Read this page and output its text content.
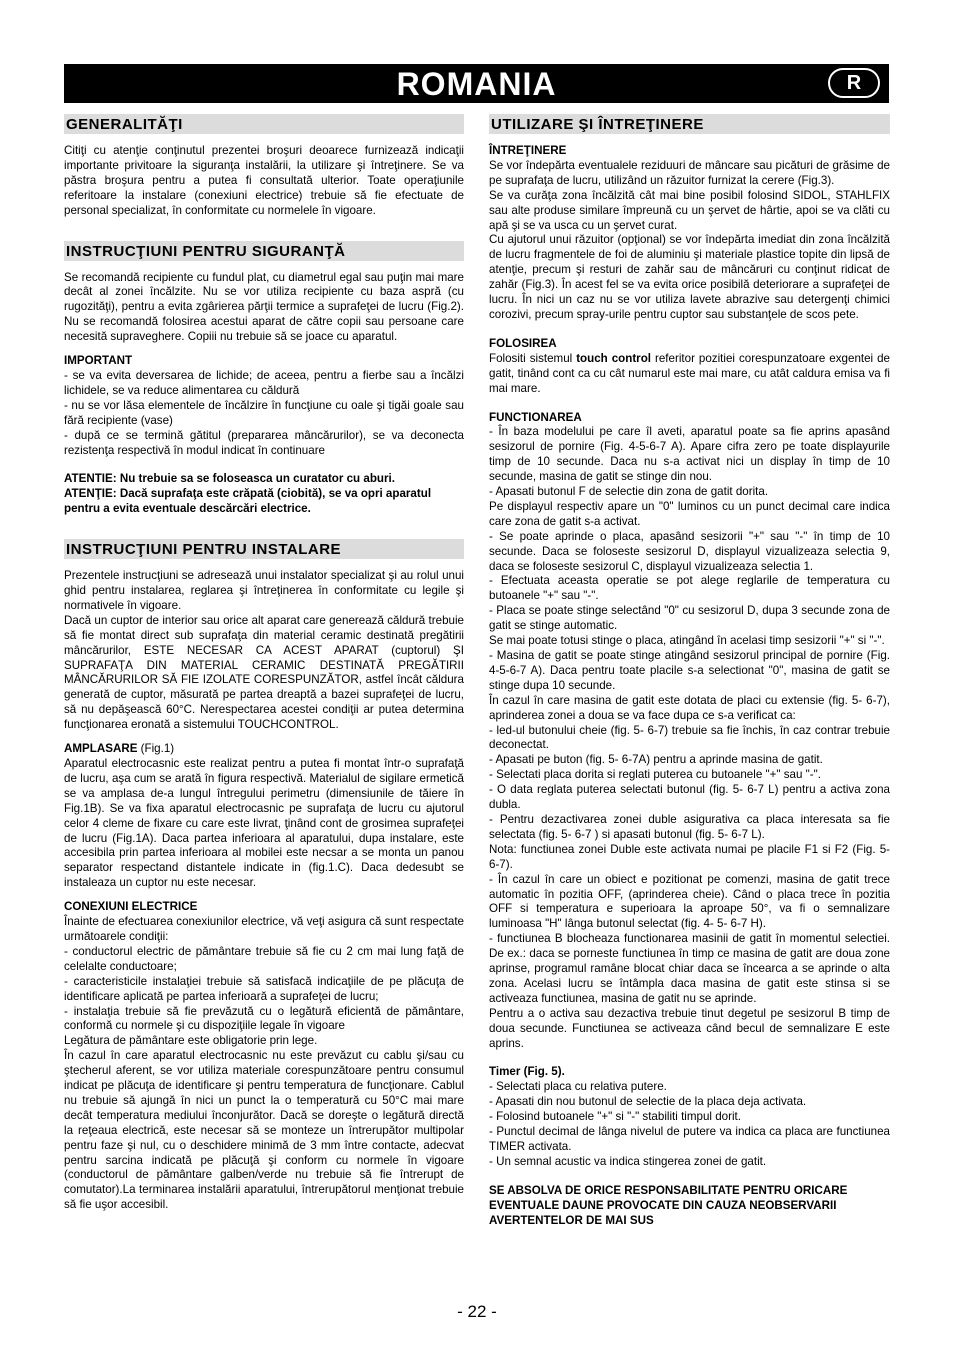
ROMANIA	R
GENERALITĂŢI

Citiţi cu atenţie conţinutul prezentei broşuri deoarece furnizează indicaţii importante privitoare la siguranţa instalării, la utilizare şi întreţinere. Se va păstra broşura pentru a putea fi consultată ulterior. Toate operaţiunile referitoare la instalare (conexiuni electrice) trebuie să fie efectuate de personal specializat, în conformitate cu normelele în vigoare.

INSTRUCŢIUNI PENTRU SIGURANŢĂ

Se recomandă recipiente cu fundul plat, cu diametrul egal sau puţin mai mare decât al zonei încălzite. Nu se vor utiliza recipiente cu baza aspră (cu rugozităţi), pentru a evita zgârierea părţii termice a suprafeţei de lucru (Fig.2). Nu se recomandă folosirea acestui aparat de către copii sau persoane care necesită supraveghere. Copiii nu trebuie să se joace cu aparatul.

IMPORTANT

- se va evita deversarea de lichide; de aceea, pentru a fierbe sau a încălzi lichidele, se va reduce alimentarea cu căldură

- nu se vor lăsa elementele de încălzire în funcţiune cu oale şi tigăi goale sau fără recipiente (vase)

- după ce se termină gătitul (prepararea mâncărurilor), se va deconecta rezistenţa respectivă în modul indicat în continuare

ATENTIE: Nu trebuie sa se foloseasca un curatator cu aburi.

ATENŢIE: Dacă suprafaţa este crăpată (ciobită), se va opri aparatul pentru a evita eventuale descărcări electrice.

INSTRUCŢIUNI PENTRU INSTALARE

Prezentele instrucţiuni se adresează unui instalator specializat şi au rolul unui ghid pentru instalarea, reglarea şi întreţinerea în conformitate cu legile şi normativele în vigoare.

Dacă un cuptor de interior sau orice alt aparat care generează căldură trebuie să fie montat direct sub suprafaţa din material ceramic destinată pregătirii mâncărurilor, ESTE NECESAR CA ACEST APARAT (cuptorul) ŞI SUPRAFAŢA DIN MATERIAL CERAMIC DESTINATĂ PREGĂTIRII MÂNCĂRURILOR SĂ FIE IZOLATE CORESPUNZĂTOR, astfel încât căldura generată de cuptor, măsurată pe partea dreaptă a bazei suprafeţei de lucru, să nu depăşească 60°C. Nerespectarea acestei condiţii ar putea determina funcţionarea eronată a sistemului TOUCHCONTROL.

AMPLASARE (Fig.1)

Aparatul electrocasnic este realizat pentru a putea fi montat într-o suprafaţă de lucru, aşa cum se arată în figura respectivă. Materialul de sigilare ermetică se va amplasa de-a lungul întregului perimetru (dimensiunile de tăiere în Fig.1B). Se va fixa aparatul electrocasnic pe suprafaţa de lucru cu ajutorul celor 4 cleme de fixare cu care este livrat, ţinând cont de grosimea suprafeţei de lucru (Fig.1A). Daca partea inferioara al aparatului, dupa instalare, este accesibila prin partea inferioara al mobilei este necsar a se monta un panou separator respectand distantele indicate in (fig.1.C). Daca dedesubt se instaleaza un cuptor nu este necesar.

CONEXIUNI ELECTRICE

Înainte de efectuarea conexiunilor electrice, vă veţi asigura că sunt respectate următoarele condiţii:

- conductorul electric de pământare trebuie să fie cu 2 cm mai lung faţă de celelalte conductoare;

- caracteristicile instalaţiei trebuie să satisfacă indicaţiile de pe plăcuţa de identificare aplicată pe partea inferioară a suprafeţei de lucru;

- instalaţia trebuie să fie prevăzută cu o legătură eficientă de pământare, conformă cu normele şi cu dispoziţiile legale în vigoare

Legătura de pământare este obligatorie prin lege.

În cazul în care aparatul electrocasnic nu este prevăzut cu cablu şi/sau cu ştecherul aferent, se vor utiliza materiale corespunzătoare pentru consumul indicat pe plăcuţa de identificare şi pentru temperatura de funcţionare. Cablul nu trebuie să ajungă în nici un punct la o temperatură cu 50°C mai mare decât temperatura mediului înconjurător. Dacă se doreşte o legătură directă la reţeaua electrică, este necesar să se monteze un întrerupător multipolar pentru faze şi nul, cu o deschidere minimă de 3 mm între contacte, adecvat pentru sarcina indicată pe plăcuţă şi conform cu normele în vigoare (conductorul de pământare galben/verde nu trebuie să fie întrerupt de comutator).La terminarea instalării aparatului, întrerupătorul menţionat trebuie să fie uşor accesibil.

UTILIZARE ŞI ÎNTREŢINERE

ÎNTREŢINERE

Se vor îndepărta eventualele reziduuri de mâncare sau picături de grăsime de pe suprafaţa de lucru, utilizând un răzuitor furnizat la cerere (Fig.3).

Se va curăţa zona încălzită cât mai bine posibil folosind SIDOL, STAHLFIX sau alte produse similare împreună cu un şervet de hârtie, apoi se va clăti cu apă şi se va usca cu un şervet curat.

Cu ajutorul unui răzuitor (opţional) se vor îndepărta imediat din zona încălzită de lucru fragmentele de foi de aluminiu şi materiale plastice topite din lipsă de atenţie, precum şi resturi de zahăr sau de mâncăruri cu conţinut ridicat de zahăr (Fig.3). În acest fel se va evita orice posibilă deteriorare a suprafeţei de lucru. În nici un caz nu se vor utiliza lavete abrazive sau detergenţi chimici corozivi, precum spray-urile pentru cuptor sau substanţele de scos pete.

FOLOSIREA

Folositi sistemul touch control referitor pozitiei corespunzatoare exgentei de gatit, tinând cont ca cu cât numarul este mai mare, cu atât caldura emisa va fi mai mare.

FUNCTIONAREA

- În baza modelului pe care îl aveti, aparatul poate sa fie aprins apasând sesizorul de pornire (Fig. 4-5-6-7 A). Apare cifra zero pe toate displayurile timp de 10 secunde. Daca nu s-a activat nici un display în timp de 10 secunde, masina de gatit se stinge din nou.

- Apasati butonul F de selectie din zona de gatit dorita.

Pe displayul respectiv apare un "0" luminos cu un punct decimal care indica care zona de gatit s-a activat.

- Se poate aprinde o placa, apasând sesizorii "+" sau "-" în timp de 10 secunde. Daca se foloseste sesizorul D, displayul vizualizeaza selectia 9, daca se foloseste sesizorul C, displayul vizualizeaza selectia 1.

- Efectuata aceasta operatie se pot alege reglarile de temperatura cu butoanele "+" sau "-".

- Placa se poate stinge selectând "0" cu sesizorul D, dupa 3 secunde zona de gatit se stinge automatic.

Se mai poate totusi stinge o placa, atingând în acelasi timp sesizorii "+" si "-".

- Masina de gatit se poate stinge atingând sesizorul principal de pornire (Fig. 4-5-6-7 A). Daca pentru toate placile s-a selectionat "0", masina de gatit se stinge dupa 10 secunde.

În cazul în care masina de gatit este dotata de placi cu extensie (fig. 5- 6-7), aprinderea zonei a doua se va face dupa ce s-a verificat ca:

- led-ul butonului cheie (fig. 5- 6-7) trebuie sa fie închis, în caz contrar trebuie deconectat.

- Apasati pe buton (fig. 5- 6-7A) pentru a aprinde masina de gatit.

- Selectati placa dorita si reglati puterea cu butoanele "+" sau "-".

- O data reglata puterea selectati butonul (fig. 5- 6-7 L) pentru a activa zona dubla.

- Pentru dezactivarea zonei duble asigurativa ca placa interesata sa fie selectata (fig. 5- 6-7 ) si apasati butonul (fig. 5- 6-7 L).

Nota: functiunea zonei Duble este activata numai pe placile F1 si F2 (Fig. 5- 6-7).

- În cazul în care un obiect e pozitionat pe comenzi, masina de gatit trece automatic în pozitia OFF, (aprinderea cheie). Când o placa trece în pozitia OFF si temperatura e superioara la aproape 50°, va fi o semnalizare luminoasa "H" lânga butonul selectat (fig. 4- 5- 6-7 H).

- functiunea B blocheaza functionarea masinii de gatit în momentul selectiei. De ex.: daca se porneste functiunea în timp ce masina de gatit are doua zone aprinse, programul ramâne blocat chiar daca se încearca a se aprinde o alta zona. Acelasi lucru se întâmpla daca masina de gatit este stinsa si se activeaza functiunea, masina de gatit nu se aprinde.

Pentru a o activa sau dezactiva trebuie tinut degetul pe sesizorul B timp de doua secunde. Functiunea se activeaza când becul de semnalizare E este aprins.

Timer (Fig. 5).

- Selectati placa cu relativa putere.

- Apasati din nou butonul de selectie de la placa deja activata.

- Folosind butoanele "+" si "-" stabiliti timpul dorit.

- Punctul decimal de lânga nivelul de putere va indica ca placa are functiunea TIMER activata.

- Un semnal acustic va indica stingerea zonei de gatit.

SE ABSOLVA DE ORICE RESPONSABILITATE PENTRU ORICARE EVENTUALE DAUNE PROVOCATE DIN CAUZA NEOBSERVARII AVERTENTELOR DE MAI SUS

- 22 -
